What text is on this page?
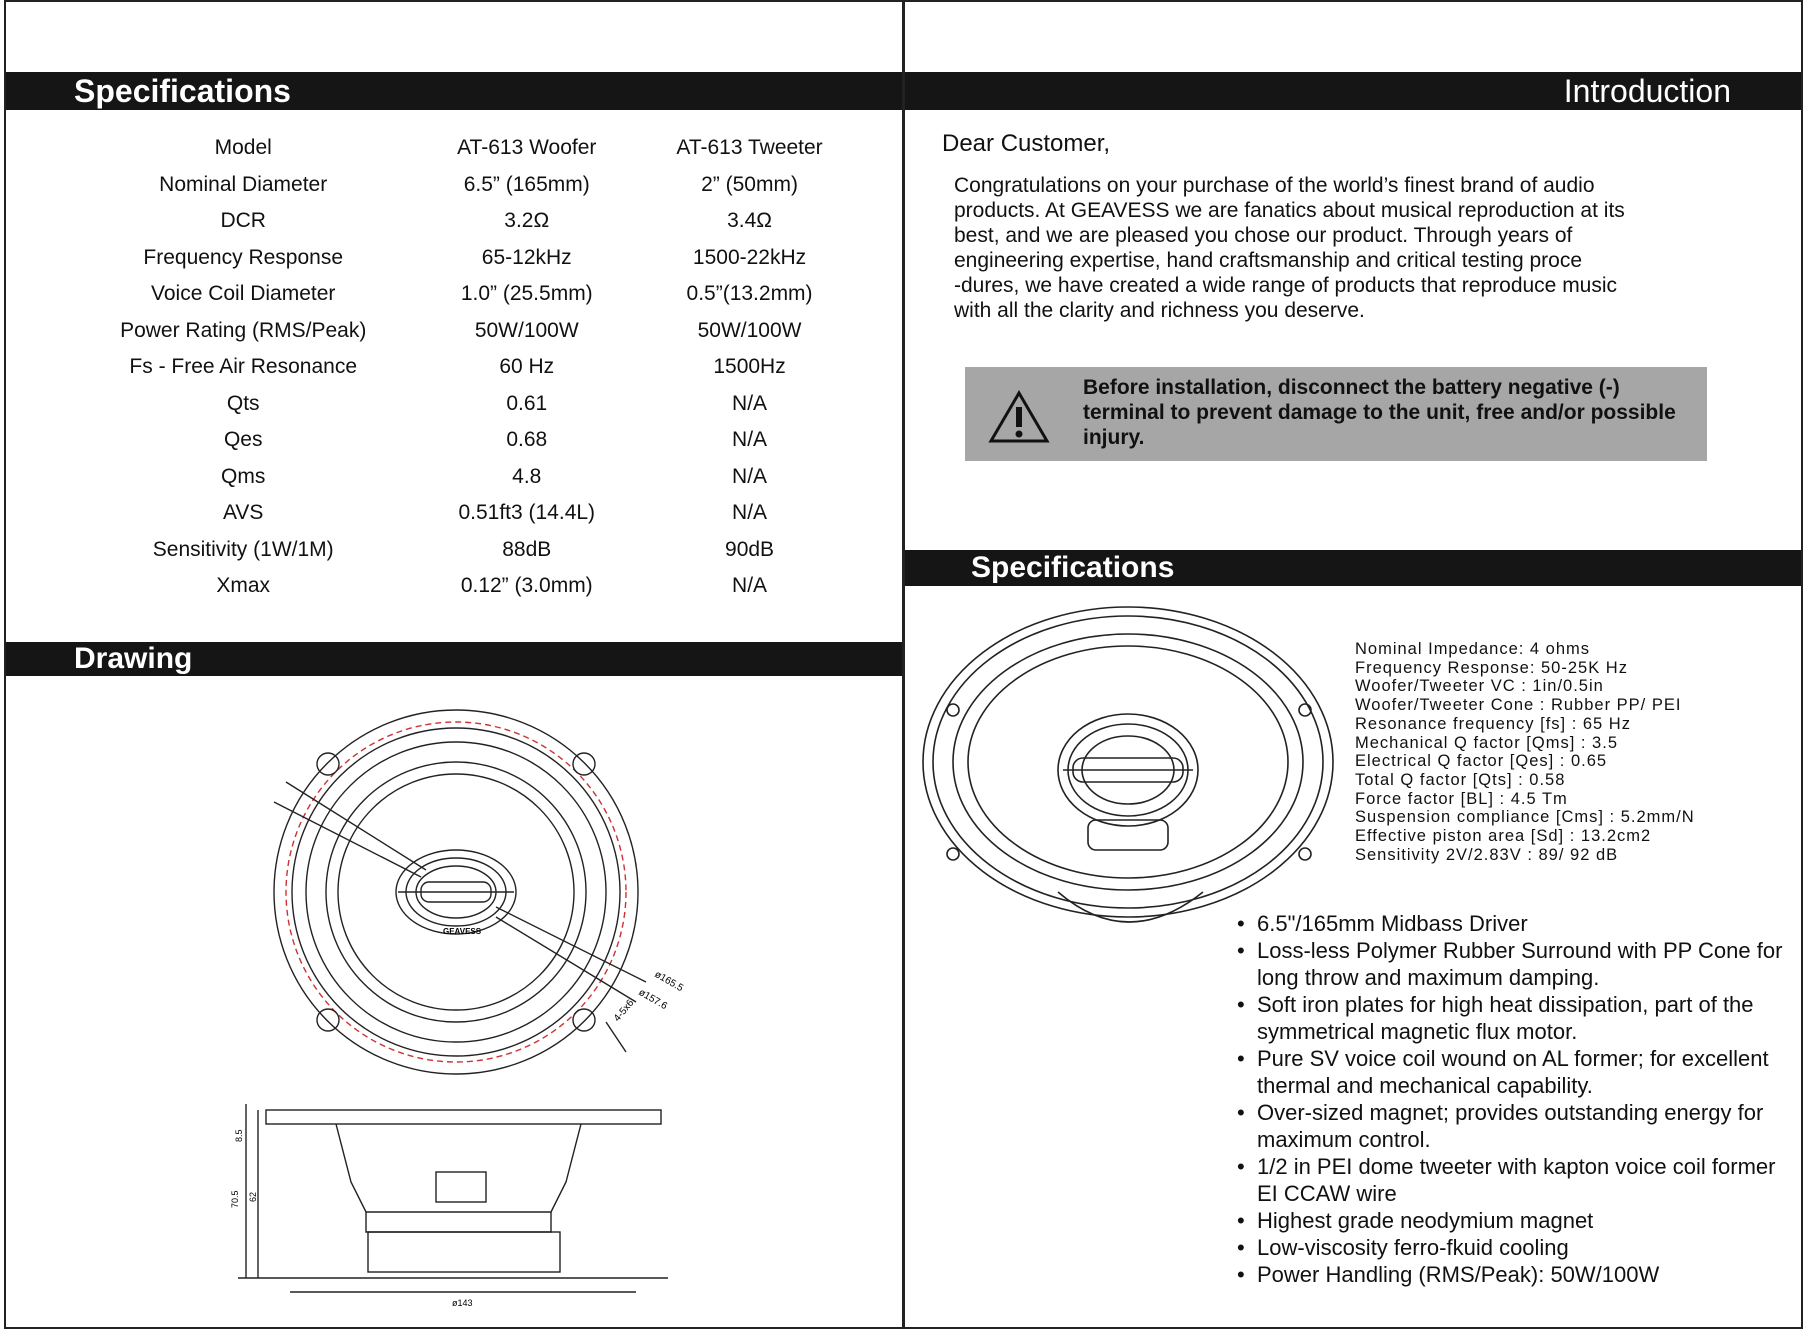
Specifications
Model	AT-613 Woofer	AT-613 Tweeter
Nominal Diameter	6.5” (165mm)	2” (50mm)
DCR	3.2Ω	3.4Ω
Frequency Response	65-12kHz	1500-22kHz
Voice Coil Diameter	1.0” (25.5mm)	0.5”(13.2mm)
Power Rating (RMS/Peak)	50W/100W	50W/100W
Fs - Free Air Resonance	60 Hz	1500Hz
Qts	0.61	N/A
Qes	0.68	N/A
Qms	4.8	N/A
AVS	0.51ft3 (14.4L)	N/A
Sensitivity (1W/1M)	88dB	90dB
Xmax	0.12” (3.0mm)	N/A
Drawing
GEAVESS
ø165.5
ø157.6
4-5x6
8.5
70.5 62
ø143
Introduction
Dear Customer,
Congratulations on your purchase of the world’s finest brand of audio
products. At GEAVESS we are fanatics about musical reproduction at its
best, and we are pleased you chose our product. Through years of
engineering expertise, hand craftsmanship and critical testing proce
-dures, we have created a wide range of products that reproduce music
with all the clarity and richness you deserve.
Before installation, disconnect the battery negative (-) terminal to prevent damage to the unit, free and/or possible injury.
Specifications
Nominal Impedance: 4 ohms
Frequency Response: 50-25K Hz
Woofer/Tweeter VC : 1in/0.5in
Woofer/Tweeter Cone : Rubber PP/ PEI
Resonance frequency [fs] : 65 Hz
Mechanical Q factor [Qms] : 3.5
Electrical Q factor [Qes] : 0.65
Total Q factor [Qts] : 0.58
Force factor [BL] : 4.5 Tm
Suspension compliance [Cms] : 5.2mm/N
Effective piston area [Sd] : 13.2cm2
Sensitivity 2V/2.83V : 89/ 92 dB
• 6.5"/165mm Midbass Driver
• Loss-less Polymer Rubber Surround with PP Cone for long throw and maximum damping.
• Soft iron plates for high heat dissipation, part of the symmetrical magnetic flux motor.
• Pure SV voice coil wound on AL former; for excellent thermal and mechanical capability.
• Over-sized magnet; provides outstanding energy for maximum control.
• 1/2 in PEI dome tweeter with kapton voice coil former EI CCAW wire
• Highest grade neodymium magnet
• Low-viscosity ferro-fkuid cooling
• Power Handling (RMS/Peak): 50W/100W
